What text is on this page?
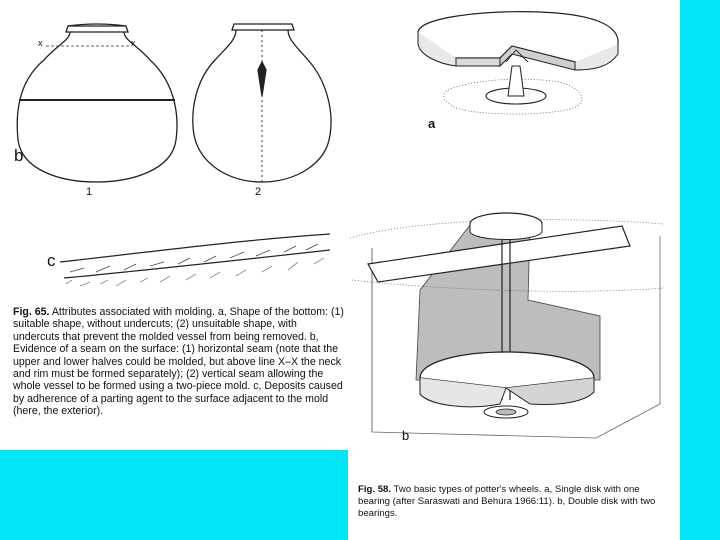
b
1	2
x	x
c
a
b
Fig. 65. Attributes associated with molding. a, Shape of the bottom: (1) suitable shape, without undercuts; (2) unsuitable shape, with undercuts that prevent the molded vessel from being removed. b, Evidence of a seam on the surface: (1) horizontal seam (note that the upper and lower halves could be molded, but above line X–X the neck and rim must be formed separately); (2) vertical seam allowing the whole vessel to be formed using a two-piece mold. c, Deposits caused by adherence of a parting agent to the surface adjacent to the mold (here, the exterior).
Fig. 58. Two basic types of potter's wheels. a, Single disk with one bearing (after Saraswati and Behura 1966:11). b, Double disk with two bearings.
